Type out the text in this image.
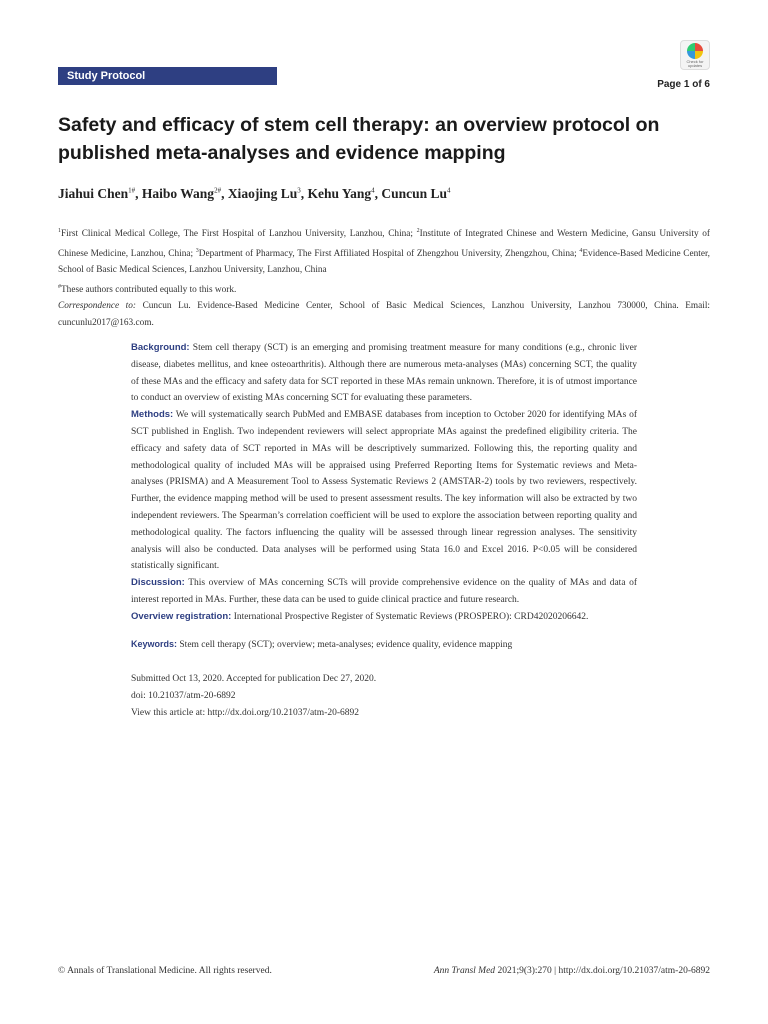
Study Protocol
Check for updates
Page 1 of 6
Safety and efficacy of stem cell therapy: an overview protocol on published meta-analyses and evidence mapping
Jiahui Chen$^{1\#}$, Haibo Wang$^{2\#}$, Xiaojing Lu$^3$, Kehu Yang$^4$, Cuncun Lu$^4$
$^1$First Clinical Medical College, The First Hospital of Lanzhou University, Lanzhou, China; $^2$Institute of Integrated Chinese and Western Medicine, Gansu University of Chinese Medicine, Lanzhou, China; $^3$Department of Pharmacy, The First Affiliated Hospital of Zhengzhou University, Zhengzhou, China; $^4$Evidence-Based Medicine Center, School of Basic Medical Sciences, Lanzhou University, Lanzhou, China
#These authors contributed equally to this work.
Correspondence to: Cuncun Lu. Evidence-Based Medicine Center, School of Basic Medical Sciences, Lanzhou University, Lanzhou 730000, China. Email: cuncunlu2017@163.com.

Background: Stem cell therapy (SCT) is an emerging and promising treatment measure for many conditions (e.g., chronic liver disease, diabetes mellitus, and knee osteoarthritis). Although there are numerous meta-analyses (MAs) concerning SCT, the quality of these MAs and the efficacy and safety data for SCT reported in these MAs remain unknown. Therefore, it is of utmost importance to conduct an overview of existing MAs concerning SCT for evaluating these parameters.

Methods: We will systematically search PubMed and EMBASE databases from inception to October 2020 for identifying MAs of SCT published in English. Two independent reviewers will select appropriate MAs against the predefined eligibility criteria. The efficacy and safety data of SCT reported in MAs will be descriptively summarized. Following this, the reporting quality and methodological quality of included MAs will be appraised using Preferred Reporting Items for Systematic reviews and Meta-analyses (PRISMA) and A Measurement Tool to Assess Systematic Reviews 2 (AMSTAR-2) tools by two reviewers, respectively. Further, the evidence mapping method will be used to present assessment results. The key information will also be extracted by two independent reviewers. The Spearman’s correlation coefficient will be used to explore the association between reporting quality and methodological quality. The factors influencing the quality will be assessed through linear regression analyses. The sensitivity analysis will also be conducted. Data analyses will be performed using Stata 16.0 and Excel 2016. P<0.05 will be considered statistically significant.

Discussion: This overview of MAs concerning SCTs will provide comprehensive evidence on the quality of MAs and data of interest reported in MAs. Further, these data can be used to guide clinical practice and future research.

Overview registration: International Prospective Register of Systematic Reviews (PROSPERO): CRD42020206642.

Keywords: Stem cell therapy (SCT); overview; meta-analyses; evidence quality, evidence mapping

Submitted Oct 13, 2020. Accepted for publication Dec 27, 2020.

doi: 10.21037/atm-20-6892

View this article at: http://dx.doi.org/10.21037/atm-20-6892

© Annals of Translational Medicine. All rights reserved.	Ann Transl Med 2021;9(3):270 | http://dx.doi.org/10.21037/atm-20-6892
